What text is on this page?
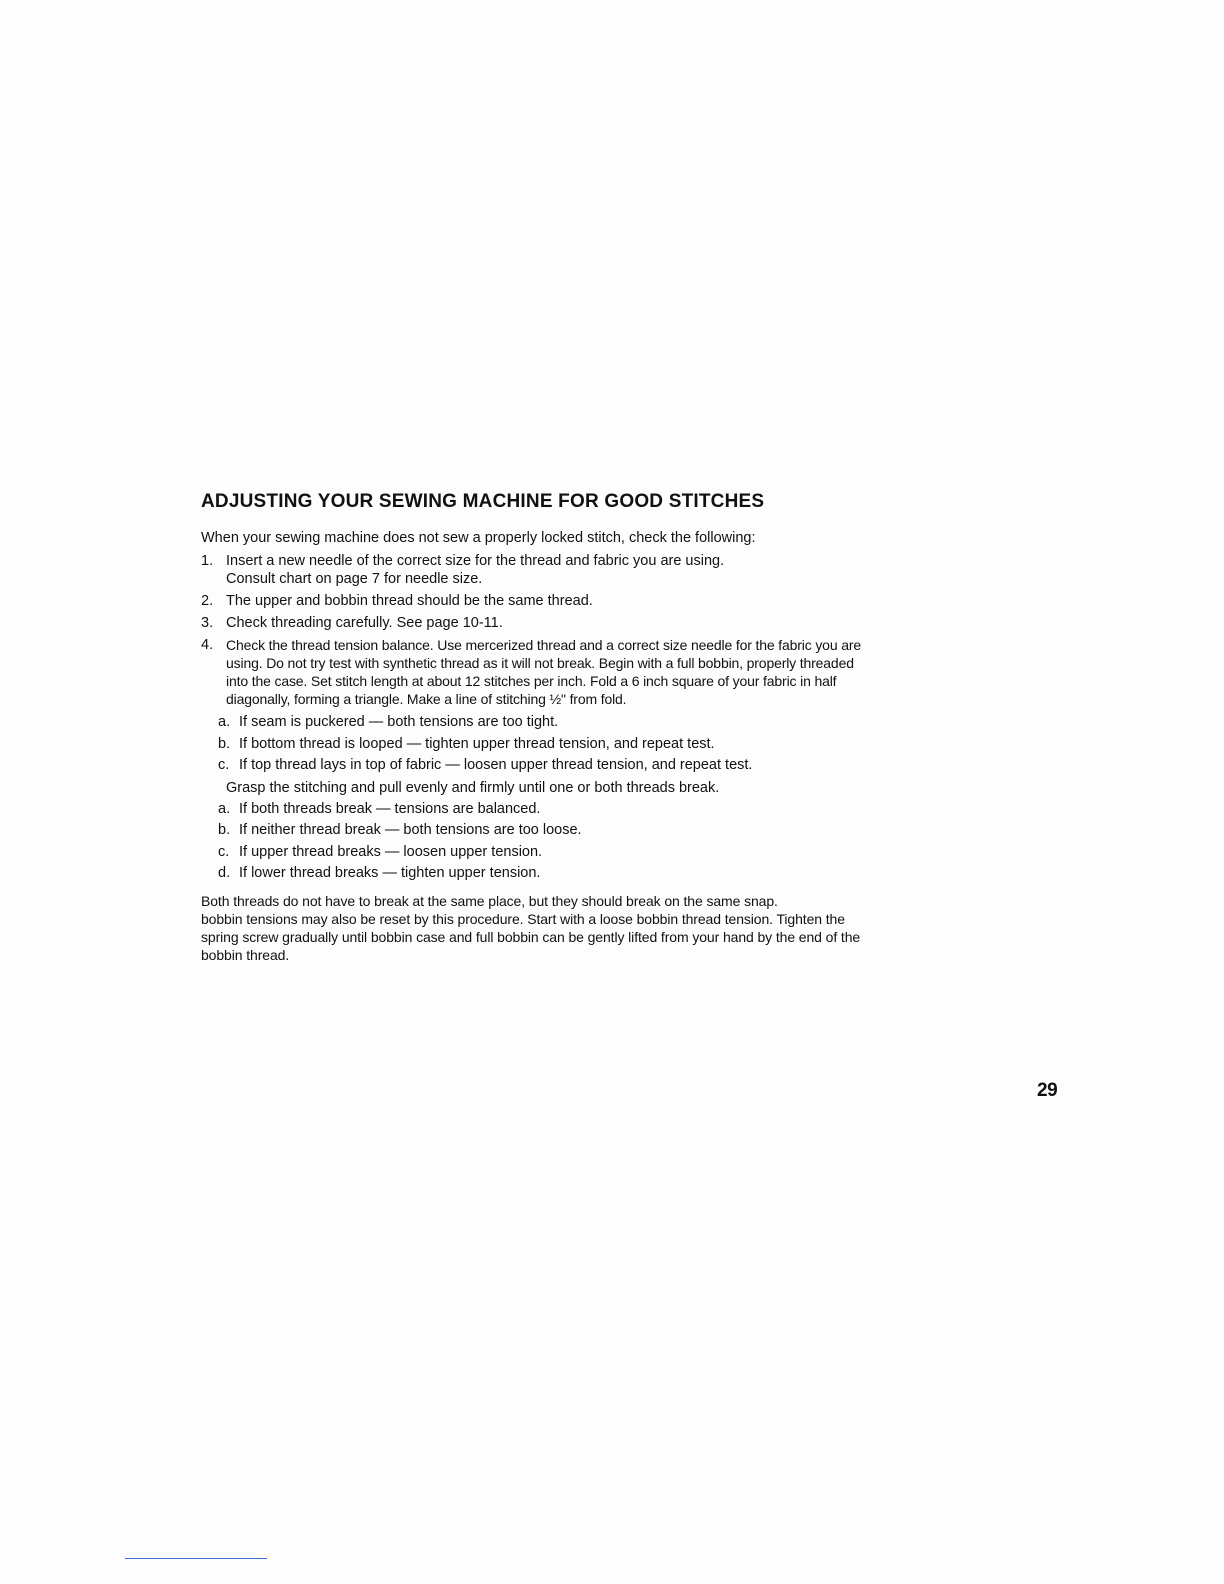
ADJUSTING YOUR SEWING MACHINE FOR GOOD STITCHES

When your sewing machine does not sew a properly locked stitch, check the following:

1. Insert a new needle of the correct size for the thread and fabric you are using.
Consult chart on page 7 for needle size.
2. The upper and bobbin thread should be the same thread.
3. Check threading carefully. See page 10-11.
4. Check the thread tension balance. Use mercerized thread and a correct size needle for the fabric you are
using. Do not try test with synthetic thread as it will not break. Begin with a full bobbin, properly threaded
into the case. Set stitch length at about 12 stitches per inch. Fold a 6 inch square of your fabric in half
diagonally, forming a triangle. Make a line of stitching ½" from fold.
a. If seam is puckered — both tensions are too tight.
b. If bottom thread is looped — tighten upper thread tension, and repeat test.
c. If top thread lays in top of fabric — loosen upper thread tension, and repeat test.

Grasp the stitching and pull evenly and firmly until one or both threads break.

a. If both threads break — tensions are balanced.
b. If neither thread break — both tensions are too loose.
c. If upper thread breaks — loosen upper tension.
d. If lower thread breaks — tighten upper tension.
Both threads do not have to break at the same place, but they should break on the same snap.
bobbin tensions may also be reset by this procedure. Start with a loose bobbin thread tension. Tighten the
spring screw gradually until bobbin case and full bobbin can be gently lifted from your hand by the end of the
bobbin thread.
29
